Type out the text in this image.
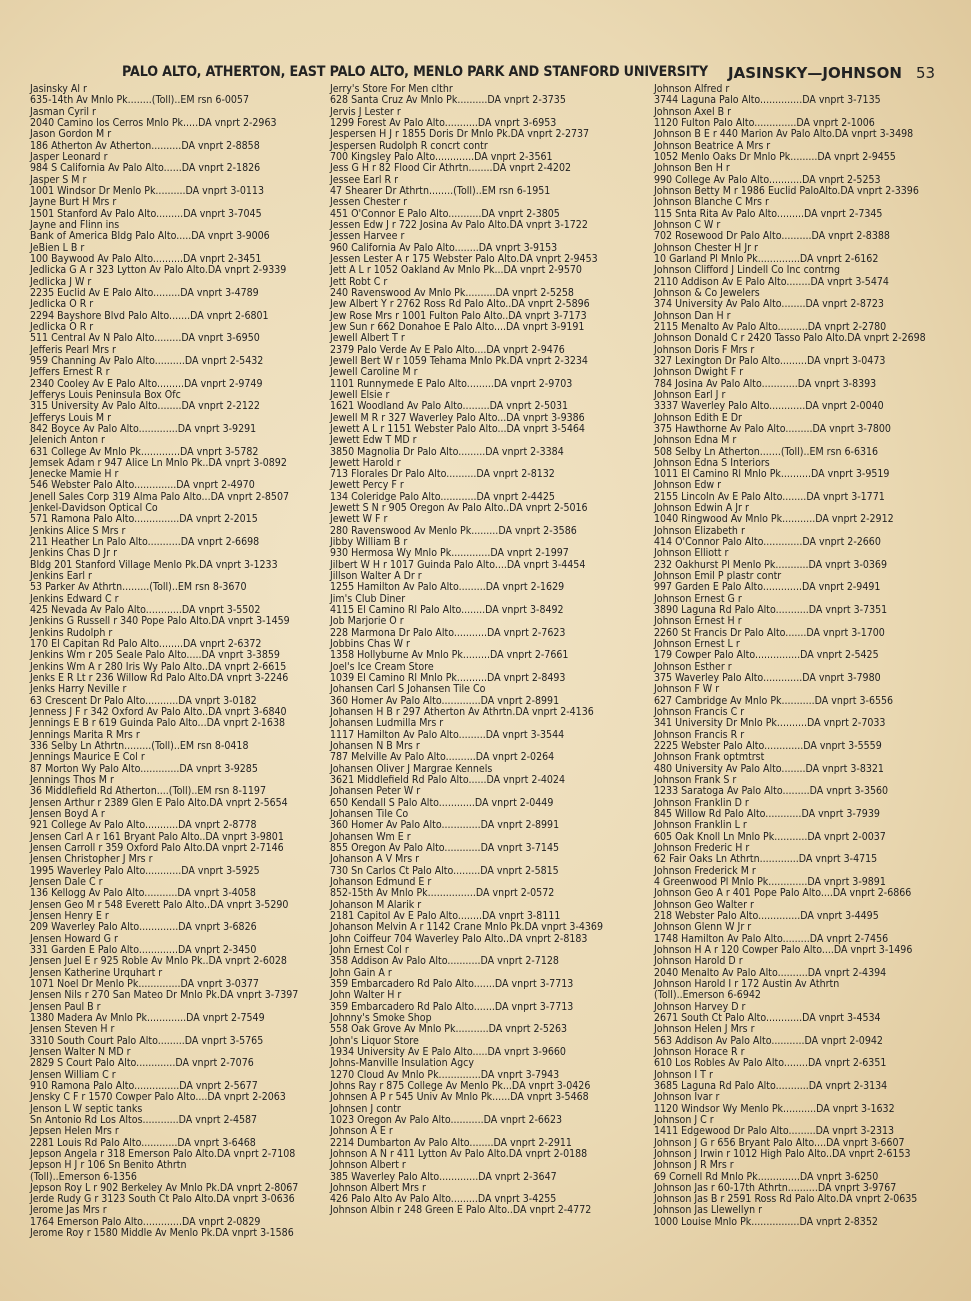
PALO ALTO, ATHERTON, EAST PALO ALTO, MENLO PARK AND STANFORD UNIVERSITY JASINSKY—JOHNSON 53
Jasinsky Al r
635-14th Av Mnlo Pk........(Toll)..EM rsn 6-0057
Jasman Cyril r
2040 Camino los Cerros Mnlo Pk.....DA vnprt 2-2963
Jason Gordon M r
186 Atherton Av Atherton..........DA vnprt 2-8858
Jasper Leonard r
984 S California Av Palo Alto......DA vnprt 2-1826
Jasper S M r
1001 Windsor Dr Menlo Pk..........DA vnprt 3-0113
Jayne Burt H Mrs r
1501 Stanford Av Palo Alto.........DA vnprt 3-7045
Jayne and Flinn ins
Bank of America Bldg Palo Alto.....DA vnprt 3-9006
JeBien L B r
100 Baywood Av Palo Alto..........DA vnprt 2-3451
Jedlicka G A r 323 Lytton Av Palo Alto.DA vnprt 2-9339
Jedlicka J W r
2235 Euclid Av E Palo Alto.........DA vnprt 3-4789
Jedlicka O R r
2294 Bayshore Blvd Palo Alto.......DA vnprt 2-6801
Jedlicka O R r
511 Central Av N Palo Alto.........DA vnprt 3-6950
Jefferis Pearl Mrs r
959 Channing Av Palo Alto..........DA vnprt 2-5432
Jeffers Ernest R r
2340 Cooley Av E Palo Alto.........DA vnprt 2-9749
Jefferys Louis Peninsula Box Ofc
315 University Av Palo Alto........DA vnprt 2-2122
Jefferys Louis M r
842 Boyce Av Palo Alto.............DA vnprt 3-9291
Jelenich Anton r
631 College Av Mnlo Pk.............DA vnprt 3-5782
Jemsek Adam r 947 Alice Ln Mnlo Pk..DA vnprt 3-0892
Jenecke Mamie H r
546 Webster Palo Alto..............DA vnprt 2-4970
Jenell Sales Corp 319 Alma Palo Alto...DA vnprt 2-8507
Jenkel-Davidson Optical Co
571 Ramona Palo Alto...............DA vnprt 2-2015
Jenkins Alice S Mrs r
211 Heather Ln Palo Alto...........DA vnprt 2-6698
Jenkins Chas D Jr r
Bldg 201 Stanford Village Menlo Pk.DA vnprt 3-1233
Jenkins Earl r
53 Parker Av Athrtn.........(Toll)..EM rsn 8-3670
Jenkins Edward C r
425 Nevada Av Palo Alto............DA vnprt 3-5502
Jenkins G Russell r 340 Pope Palo Alto.DA vnprt 3-1459
Jenkins Rudolph r
170 El Capitan Rd Palo Alto........DA vnprt 2-6372
Jenkins Wm r 205 Seale Palo Alto.....DA vnprt 3-3859
Jenkins Wm A r 280 Iris Wy Palo Alto..DA vnprt 2-6615
Jenks E R Lt r 236 Willow Rd Palo Alto.DA vnprt 3-2246
Jenks Harry Neville r
63 Crescent Dr Palo Alto...........DA vnprt 3-0182
Jenness J F r 342 Oxford Av Palo Alto..DA vnprt 3-6840
Jennings E B r 619 Guinda Palo Alto...DA vnprt 2-1638
Jennings Marita R Mrs r
336 Selby Ln Athrtn.........(Toll)..EM rsn 8-0418
Jennings Maurice E Col r
87 Morton Wy Palo Alto.............DA vnprt 3-9285
Jennings Thos M r
36 Middlefield Rd Atherton....(Toll)..EM rsn 8-1197
Jensen Arthur r 2389 Glen E Palo Alto.DA vnprt 2-5654
Jensen Boyd A r
921 College Av Palo Alto...........DA vnprt 2-8778
Jensen Carl A r 161 Bryant Palo Alto..DA vnprt 3-9801
Jensen Carroll r 359 Oxford Palo Alto.DA vnprt 2-7146
Jensen Christopher J Mrs r
1995 Waverley Palo Alto............DA vnprt 3-5925
Jensen Dale C r
136 Kellogg Av Palo Alto...........DA vnprt 3-4058
Jensen Geo M r 548 Everett Palo Alto..DA vnprt 3-5290
Jensen Henry E r
209 Waverley Palo Alto.............DA vnprt 3-6826
Jensen Howard G r
331 Garden E Palo Alto.............DA vnprt 2-3450
Jensen Juel E r 925 Roble Av Mnlo Pk..DA vnprt 2-6028
Jensen Katherine Urquhart r
1071 Noel Dr Menlo Pk..............DA vnprt 3-0377
Jensen Nils r 270 San Mateo Dr Mnlo Pk.DA vnprt 3-7397
Jensen Paul B r
1380 Madera Av Mnlo Pk.............DA vnprt 2-7549
Jensen Steven H r
3310 South Court Palo Alto.........DA vnprt 3-5765
Jensen Walter N MD r
2829 S Court Palo Alto.............DA vnprt 2-7076
Jensen William C r
910 Ramona Palo Alto...............DA vnprt 2-5677
Jensky C F r 1570 Cowper Palo Alto....DA vnprt 2-2063
Jenson L W septic tanks
Sn Antonio Rd Los Altos............DA vnprt 2-4587
Jepsen Helen Mrs r
2281 Louis Rd Palo Alto............DA vnprt 3-6468
Jepson Angela r 318 Emerson Palo Alto.DA vnprt 2-7108
Jepson H J r 106 Sn Benito Athrtn
(Toll)..Emerson 6-1356
Jepson Roy L r 902 Berkeley Av Mnlo Pk.DA vnprt 2-8067
Jerde Rudy G r 3123 South Ct Palo Alto.DA vnprt 3-0636
Jerome Jas Mrs r
1764 Emerson Palo Alto.............DA vnprt 2-0829
Jerome Roy r 1580 Middle Av Menlo Pk.DA vnprt 3-1586
Jerry's Store For Men clthr
628 Santa Cruz Av Mnlo Pk..........DA vnprt 2-3735
Jervis J Lester r
1299 Forest Av Palo Alto...........DA vnprt 3-6953
Jespersen H J r 1855 Doris Dr Mnlo Pk.DA vnprt 2-2737
Jespersen Rudolph R concrt contr
700 Kingsley Palo Alto.............DA vnprt 2-3561
Jess G H r 82 Flood Cir Athrtn........DA vnprt 2-4202
Jessee Earl R r
47 Shearer Dr Athrtn........(Toll)..EM rsn 6-1951
Jessen Chester r
451 O'Connor E Palo Alto...........DA vnprt 2-3805
Jessen Edw J r 722 Josina Av Palo Alto.DA vnprt 3-1722
Jessen Harvee r
960 California Av Palo Alto........DA vnprt 3-9153
Jessen Lester A r 175 Webster Palo Alto.DA vnprt 2-9453
Jett A L r 1052 Oakland Av Mnlo Pk...DA vnprt 2-9570
Jett Robt C r
240 Ravenswood Av Mnlo Pk..........DA vnprt 2-5258
Jew Albert Y r 2762 Ross Rd Palo Alto..DA vnprt 2-5896
Jew Rose Mrs r 1001 Fulton Palo Alto..DA vnprt 3-7173
Jew Sun r 662 Donahoe E Palo Alto....DA vnprt 3-9191
Jewell Albert T r
2379 Palo Verde Av E Palo Alto....DA vnprt 2-9476
Jewell Bert W r 1059 Tehama Mnlo Pk.DA vnprt 2-3234
Jewell Caroline M r
1101 Runnymede E Palo Alto.........DA vnprt 2-9703
Jewell Elsie r
1621 Woodland Av Palo Alto.........DA vnprt 2-5031
Jewell M R r 327 Waverley Palo Alto...DA vnprt 3-9386
Jewett A L r 1151 Webster Palo Alto...DA vnprt 3-5464
Jewett Edw T MD r
3850 Magnolia Dr Palo Alto.........DA vnprt 2-3384
Jewett Harold r
713 Florales Dr Palo Alto..........DA vnprt 2-8132
Jewett Percy F r
134 Coleridge Palo Alto............DA vnprt 2-4425
Jewett S N r 905 Oregon Av Palo Alto..DA vnprt 2-5016
Jewett W F r
280 Ravenswood Av Menlo Pk.........DA vnprt 2-3586
Jibby William B r
930 Hermosa Wy Mnlo Pk.............DA vnprt 2-1997
Jilbert W H r 1017 Guinda Palo Alto....DA vnprt 3-4454
Jillson Walter A Dr r
1255 Hamilton Av Palo Alto.........DA vnprt 2-1629
Jim's Club Diner
4115 El Camino Rl Palo Alto........DA vnprt 3-8492
Job Marjorie O r
228 Marmona Dr Palo Alto...........DA vnprt 2-7623
Jobbins Chas W r
1358 Hollyburne Av Mnlo Pk.........DA vnprt 2-7661
Joel's Ice Cream Store
1039 El Camino Rl Mnlo Pk..........DA vnprt 2-8493
Johansen Carl S Johansen Tile Co
360 Homer Av Palo Alto.............DA vnprt 2-8991
Johansen H B r 297 Atherton Av Athrtn.DA vnprt 2-4136
Johansen Ludmilla Mrs r
1117 Hamilton Av Palo Alto.........DA vnprt 3-3544
Johansen N B Mrs r
787 Melville Av Palo Alto..........DA vnprt 2-0264
Johansen Oliver J Margrae Kennels
3621 Middlefield Rd Palo Alto......DA vnprt 2-4024
Johansen Peter W r
650 Kendall S Palo Alto............DA vnprt 2-0449
Johansen Tile Co
360 Homer Av Palo Alto.............DA vnprt 2-8991
Johansen Wm E r
855 Oregon Av Palo Alto............DA vnprt 3-7145
Johanson A V Mrs r
730 Sn Carlos Ct Palo Alto.........DA vnprt 2-5815
Johanson Edmund E r
852-15th Av Mnlo Pk................DA vnprt 2-0572
Johanson M Alarik r
2181 Capitol Av E Palo Alto........DA vnprt 3-8111
Johanson Melvin A r 1142 Crane Mnlo Pk.DA vnprt 3-4369
John Coiffeur 704 Waverley Palo Alto..DA vnprt 2-8183
John Ernest Col r
358 Addison Av Palo Alto...........DA vnprt 2-7128
John Gain A r
359 Embarcadero Rd Palo Alto.......DA vnprt 3-7713
John Walter H r
359 Embarcadero Rd Palo Alto.......DA vnprt 3-7713
Johnny's Smoke Shop
558 Oak Grove Av Mnlo Pk...........DA vnprt 2-5263
John's Liquor Store
1934 University Av E Palo Alto.....DA vnprt 3-9660
Johns-Manville Insulation Agcy
1270 Cloud Av Mnlo Pk..............DA vnprt 3-7943
Johns Ray r 875 College Av Menlo Pk...DA vnprt 3-0426
Johnsen A P r 545 Univ Av Mnlo Pk......DA vnprt 3-5468
Johnsen J contr
1023 Oregon Av Palo Alto...........DA vnprt 2-6623
Johnson A E r
2214 Dumbarton Av Palo Alto........DA vnprt 2-2911
Johnson A N r 411 Lytton Av Palo Alto.DA vnprt 2-0188
Johnson Albert r
385 Waverley Palo Alto.............DA vnprt 2-3647
Johnson Albert Mrs r
426 Palo Alto Av Palo Alto.........DA vnprt 3-4255
Johnson Albin r 248 Green E Palo Alto..DA vnprt 2-4772
Johnson Alfred r
3744 Laguna Palo Alto..............DA vnprt 3-7135
Johnson Axel B r
1120 Fulton Palo Alto..............DA vnprt 2-1006
Johnson B E r 440 Marion Av Palo Alto.DA vnprt 3-3498
Johnson Beatrice A Mrs r
1052 Menlo Oaks Dr Mnlo Pk.........DA vnprt 2-9455
Johnson Ben H r
990 College Av Palo Alto...........DA vnprt 2-5253
Johnson Betty M r 1986 Euclid PaloAlto.DA vnprt 2-3396
Johnson Blanche C Mrs r
115 Snta Rita Av Palo Alto.........DA vnprt 2-7345
Johnson C W r
702 Rosewood Dr Palo Alto..........DA vnprt 2-8388
Johnson Chester H Jr r
10 Garland Pl Mnlo Pk..............DA vnprt 2-6162
Johnson Clifford J Lindell Co Inc contrng
2110 Addison Av E Palo Alto........DA vnprt 3-5474
Johnson & Co Jewelers
374 University Av Palo Alto........DA vnprt 2-8723
Johnson Dan H r
2115 Menalto Av Palo Alto..........DA vnprt 2-2780
Johnson Donald C r 2420 Tasso Palo Alto.DA vnprt 2-2698
Johnson Doris F Mrs r
327 Lexington Dr Palo Alto.........DA vnprt 3-0473
Johnson Dwight F r
784 Josina Av Palo Alto............DA vnprt 3-8393
Johnson Earl J r
3337 Waverley Palo Alto............DA vnprt 2-0040
Johnson Edith E Dr
375 Hawthorne Av Palo Alto.........DA vnprt 3-7800
Johnson Edna M r
508 Selby Ln Atherton.......(Toll)..EM rsn 6-6316
Johnson Edna S Interiors
1011 El Camino Rl Mnlo Pk..........DA vnprt 3-9519
Johnson Edw r
2155 Lincoln Av E Palo Alto........DA vnprt 3-1771
Johnson Edwin A Jr r
1040 Ringwood Av Mnlo Pk...........DA vnprt 2-2912
Johnson Elizabeth r
414 O'Connor Palo Alto.............DA vnprt 2-2660
Johnson Elliott r
232 Oakhurst Pl Menlo Pk...........DA vnprt 3-0369
Johnson Emil P plastr contr
997 Garden E Palo Alto.............DA vnprt 2-9491
Johnson Ernest G r
3890 Laguna Rd Palo Alto...........DA vnprt 3-7351
Johnson Ernest H r
2260 St Francis Dr Palo Alto.......DA vnprt 3-1700
Johnson Ernest L r
179 Cowper Palo Alto...............DA vnprt 2-5425
Johnson Esther r
375 Waverley Palo Alto.............DA vnprt 3-7980
Johnson F W r
627 Cambridge Av Mnlo Pk...........DA vnprt 3-6556
Johnson Francis C r
341 University Dr Mnlo Pk..........DA vnprt 2-7033
Johnson Francis R r
2225 Webster Palo Alto.............DA vnprt 3-5559
Johnson Frank optmtrst
480 University Av Palo Alto........DA vnprt 3-8321
Johnson Frank S r
1233 Saratoga Av Palo Alto.........DA vnprt 3-3560
Johnson Franklin D r
845 Willow Rd Palo Alto............DA vnprt 3-7939
Johnson Franklin L r
605 Oak Knoll Ln Mnlo Pk...........DA vnprt 2-0037
Johnson Frederic H r
62 Fair Oaks Ln Athrtn.............DA vnprt 3-4715
Johnson Frederick M r
4 Greenwood Pl Mnlo Pk.............DA vnprt 3-9891
Johnson Geo A r 401 Pope Palo Alto....DA vnprt 2-6866
Johnson Geo Walter r
218 Webster Palo Alto..............DA vnprt 3-4495
Johnson Glenn W Jr r
1748 Hamilton Av Palo Alto.........DA vnprt 2-7456
Johnson H A r 120 Cowper Palo Alto....DA vnprt 3-1496
Johnson Harold D r
2040 Menalto Av Palo Alto..........DA vnprt 2-4394
Johnson Harold I r 172 Austin Av Athrtn
(Toll)..Emerson 6-6942
Johnson Harvey D r
2671 South Ct Palo Alto............DA vnprt 3-4534
Johnson Helen J Mrs r
563 Addison Av Palo Alto...........DA vnprt 2-0942
Johnson Horace R r
610 Los Robles Av Palo Alto........DA vnprt 2-6351
Johnson I T r
3685 Laguna Rd Palo Alto...........DA vnprt 2-3134
Johnson Ivar r
1120 Windsor Wy Menlo Pk...........DA vnprt 3-1632
Johnson J C r
1411 Edgewood Dr Palo Alto.........DA vnprt 3-2313
Johnson J G r 656 Bryant Palo Alto....DA vnprt 3-6607
Johnson J Irwin r 1012 High Palo Alto..DA vnprt 2-6153
Johnson J R Mrs r
69 Cornell Rd Mnlo Pk..............DA vnprt 3-6250
Johnson Jas r 60-17th Athrtn..........DA vnprt 3-9767
Johnson Jas B r 2591 Ross Rd Palo Alto.DA vnprt 2-0635
Johnson Jas Llewellyn r
1000 Louise Mnlo Pk................DA vnprt 2-8352
